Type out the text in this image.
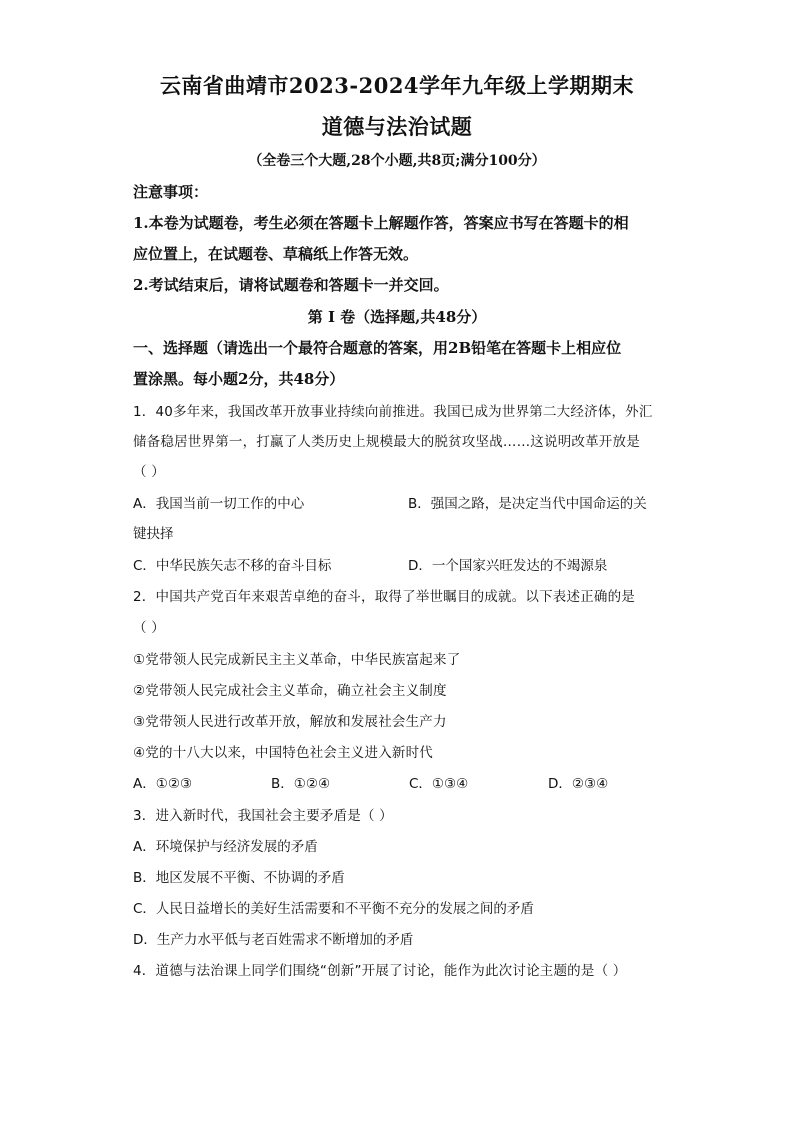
云南省曲靖市2023-2024学年九年级上学期期末
道德与法治试题
（全卷三个大题,28个小题,共8页;满分100分）
注意事项：
1.本卷为试题卷，考生必须在答题卡上解题作答，答案应书写在答题卡的相
应位置上，在试题卷、草稿纸上作答无效。
2.考试结束后，请将试题卷和答题卡一并交回。
第 I 卷（选择题,共48分）
一、选择题（请选出一个最符合题意的答案，用2B铅笔在答题卡上相应位
置涂黑。每小题2分，共48分）
1．40多年来，我国改革开放事业持续向前推进。我国已成为世界第二大经济体，外汇
储备稳居世界第一，打赢了人类历史上规模最大的脱贫攻坚战……这说明改革开放是
（ ）
A．我国当前一切工作的中心	B．强国之路，是决定当代中国命运的关
键抉择
C．中华民族矢志不移的奋斗目标	D．一个国家兴旺发达的不竭源泉
2．中国共产党百年来艰苦卓绝的奋斗，取得了举世瞩目的成就。以下表述正确的是
（ ）
①党带领人民完成新民主主义革命，中华民族富起来了
②党带领人民完成社会主义革命，确立社会主义制度
③党带领人民进行改革开放，解放和发展社会生产力
④党的十八大以来，中国特色社会主义进入新时代
A．①②③	B．①②④	C．①③④	D．②③④
3．进入新时代，我国社会主要矛盾是（ ）
A．环境保护与经济发展的矛盾
B．地区发展不平衡、不协调的矛盾
C．人民日益增长的美好生活需要和不平衡不充分的发展之间的矛盾
D．生产力水平低与老百姓需求不断增加的矛盾
4．道德与法治课上同学们围绕“创新”开展了讨论，能作为此次讨论主题的是（ ）
